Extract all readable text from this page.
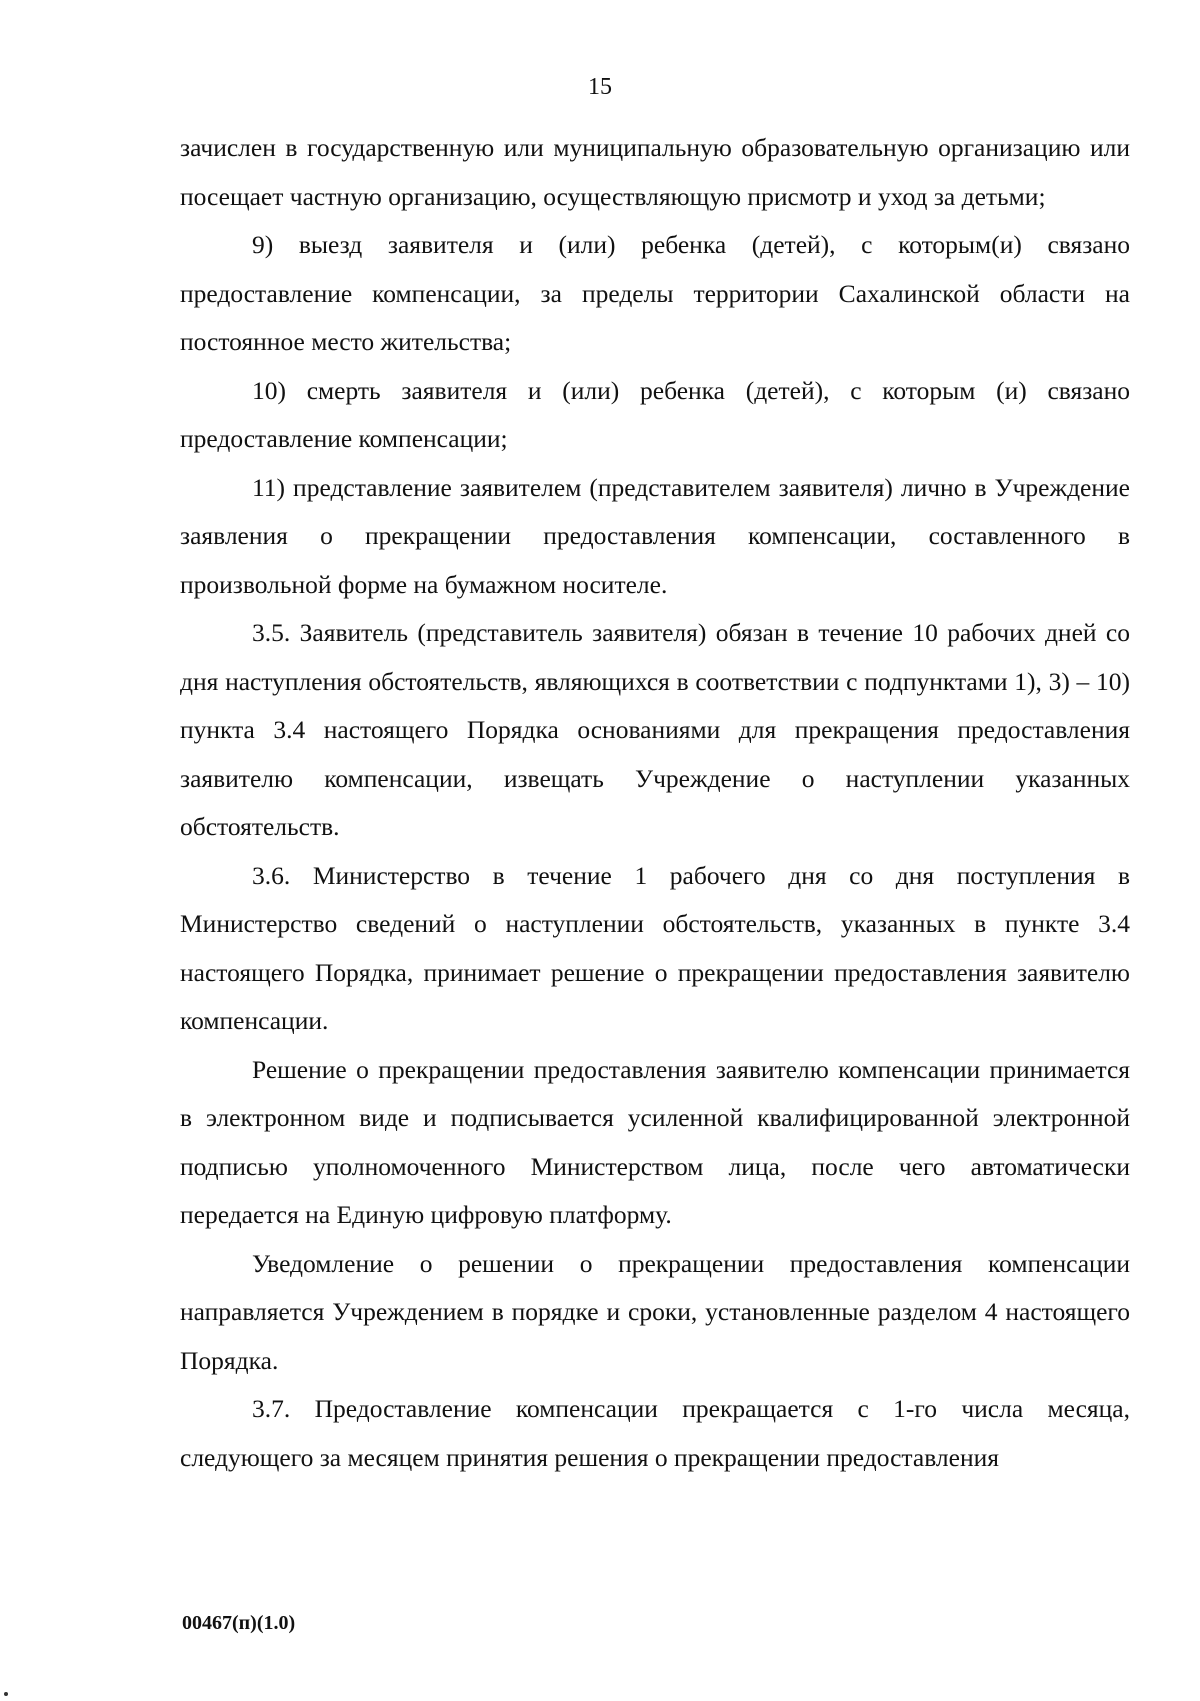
15

зачислен в государственную или муниципальную образовательную организацию или посещает частную организацию, осуществляющую присмотр и уход за детьми;

9) выезд заявителя и (или) ребенка (детей), с которым(и) связано предоставление компенсации, за пределы территории Сахалинской области на постоянное место жительства;

10) смерть заявителя и (или) ребенка (детей), с которым (и) связано предоставление компенсации;

11) представление заявителем (представителем заявителя) лично в Учреждение заявления о прекращении предоставления компенсации, составленного в произвольной форме на бумажном носителе.

3.5. Заявитель (представитель заявителя) обязан в течение 10 рабочих дней со дня наступления обстоятельств, являющихся в соответствии с подпунктами 1), 3) – 10) пункта 3.4 настоящего Порядка основаниями для прекращения предоставления заявителю компенсации, извещать Учреждение о наступлении указанных обстоятельств.

3.6. Министерство в течение 1 рабочего дня со дня поступления в Министерство сведений о наступлении обстоятельств, указанных в пункте 3.4 настоящего Порядка, принимает решение о прекращении предоставления заявителю компенсации.

Решение о прекращении предоставления заявителю компенсации принимается в электронном виде и подписывается усиленной квалифицированной электронной подписью уполномоченного Министерством лица, после чего автоматически передается на Единую цифровую платформу.

Уведомление о решении о прекращении предоставления компенсации направляется Учреждением в порядке и сроки, установленные разделом 4 настоящего Порядка.

3.7. Предоставление компенсации прекращается с 1-го числа месяца, следующего за месяцем принятия решения о прекращении предоставления

00467(п)(1.0)
